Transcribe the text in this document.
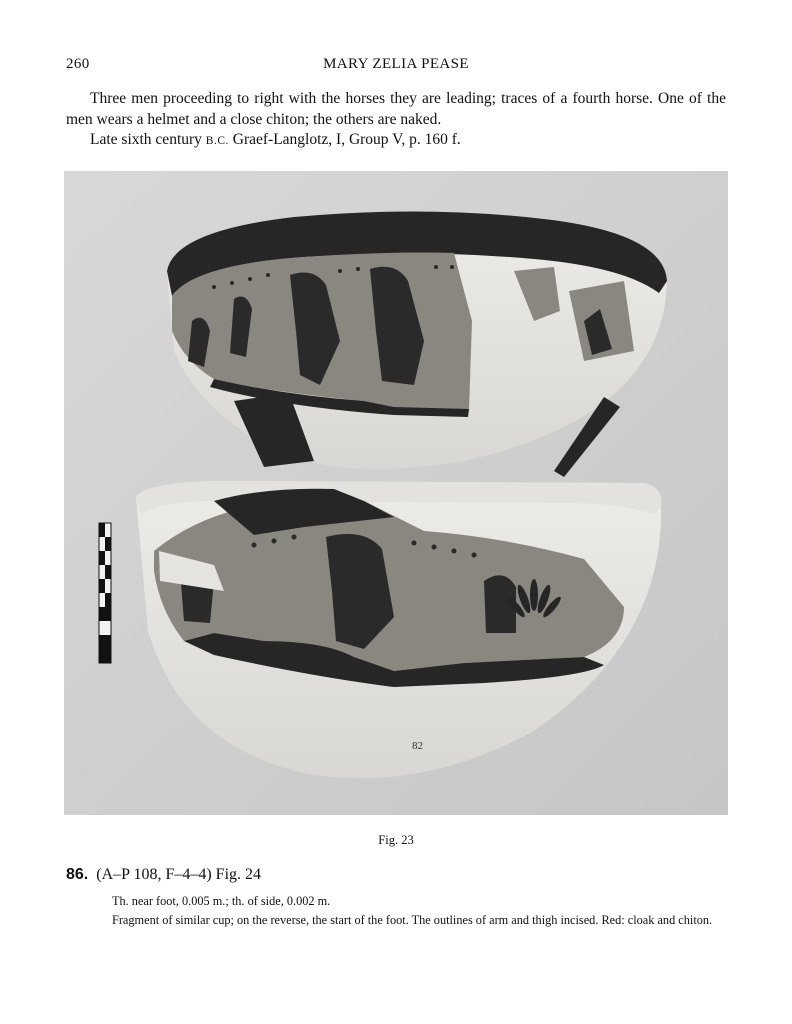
260	MARY ZELIA PEASE

Three men proceeding to right with the horses they are leading; traces of a fourth horse. One of the men wears a helmet and a close chiton; the others are naked.

Late sixth century B.C. Graef-Langlotz, I, Group V, p. 160 f.

82
Fig. 23
86. (A–P 108, F–4–4) Fig. 24

Th. near foot, 0.005 m.; th. of side, 0.002 m.

Fragment of similar cup; on the reverse, the start of the foot. The outlines of arm and thigh incised. Red: cloak and chiton.
